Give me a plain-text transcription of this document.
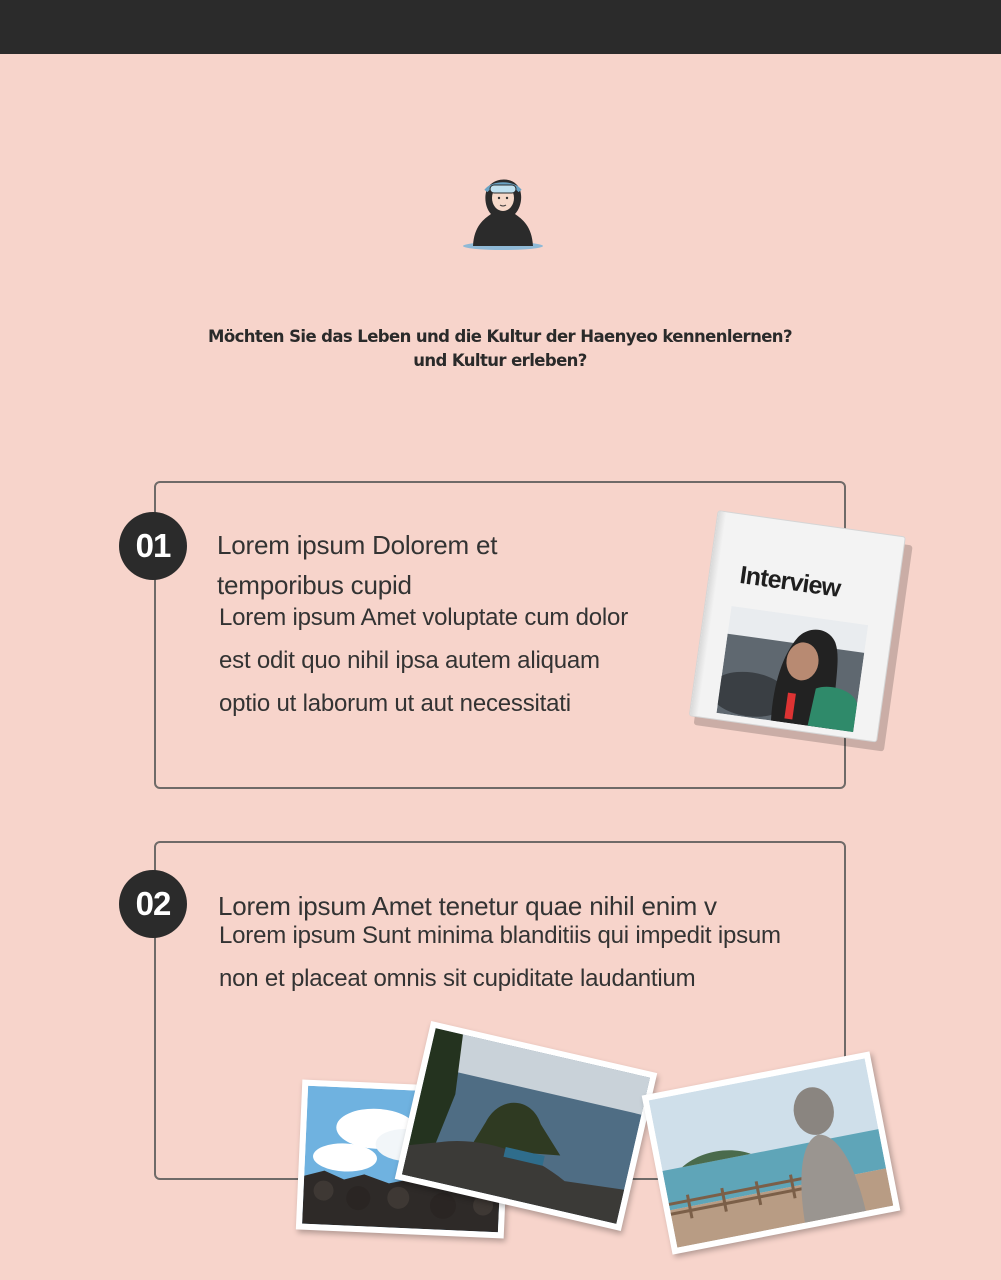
Möchten Sie das Leben und die Kultur der Haenyeo kennenlernen?
und Kultur erleben?
01	Lorem ipsum Dolorem et temporibus cupid
Lorem ipsum Amet voluptate cum dolor est odit quo nihil ipsa autem aliquam optio ut laborum ut aut necessitati
Interview
02	Lorem ipsum Amet tenetur quae nihil enim v
Lorem ipsum Sunt minima blanditiis qui impedit ipsum non et placeat omnis sit cupiditate laudantium
